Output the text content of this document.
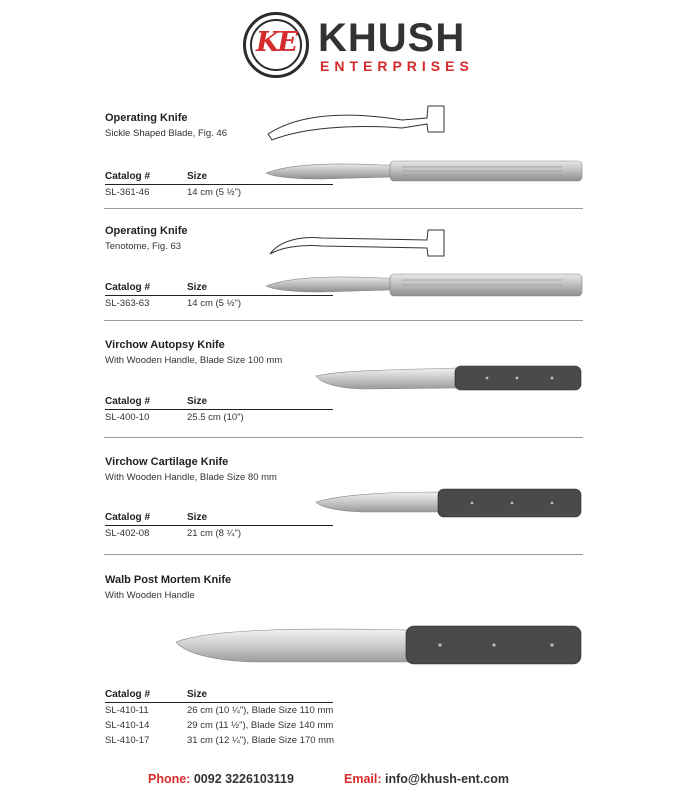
KE KHUSH
ENTERPRISES
Operating Knife
Sickle Shaped Blade, Fig. 46
Catalog #	Size
SL-361-46	14 cm (5 ½")
Operating Knife
Tenotome, Fig. 63
Catalog #	Size
SL-363-63	14 cm (5 ½")
Virchow Autopsy Knife
With Wooden Handle, Blade Size 100 mm
Catalog #	Size
SL-400-10	25.5 cm (10")
Virchow Cartilage Knife
With Wooden Handle, Blade Size 80 mm
Catalog #	Size
SL-402-08	21 cm (8 ¼")
Walb Post Mortem Knife
With Wooden Handle
Catalog #	Size
SL-410-11	26 cm (10 ¼"), Blade Size 110 mm
SL-410-14	29 cm (11 ½"), Blade Size 140 mm
SL-410-17	31 cm (12 ¼"), Blade Size 170 mm
Phone: 0092 3226103119	Email: info@khush-ent.com
